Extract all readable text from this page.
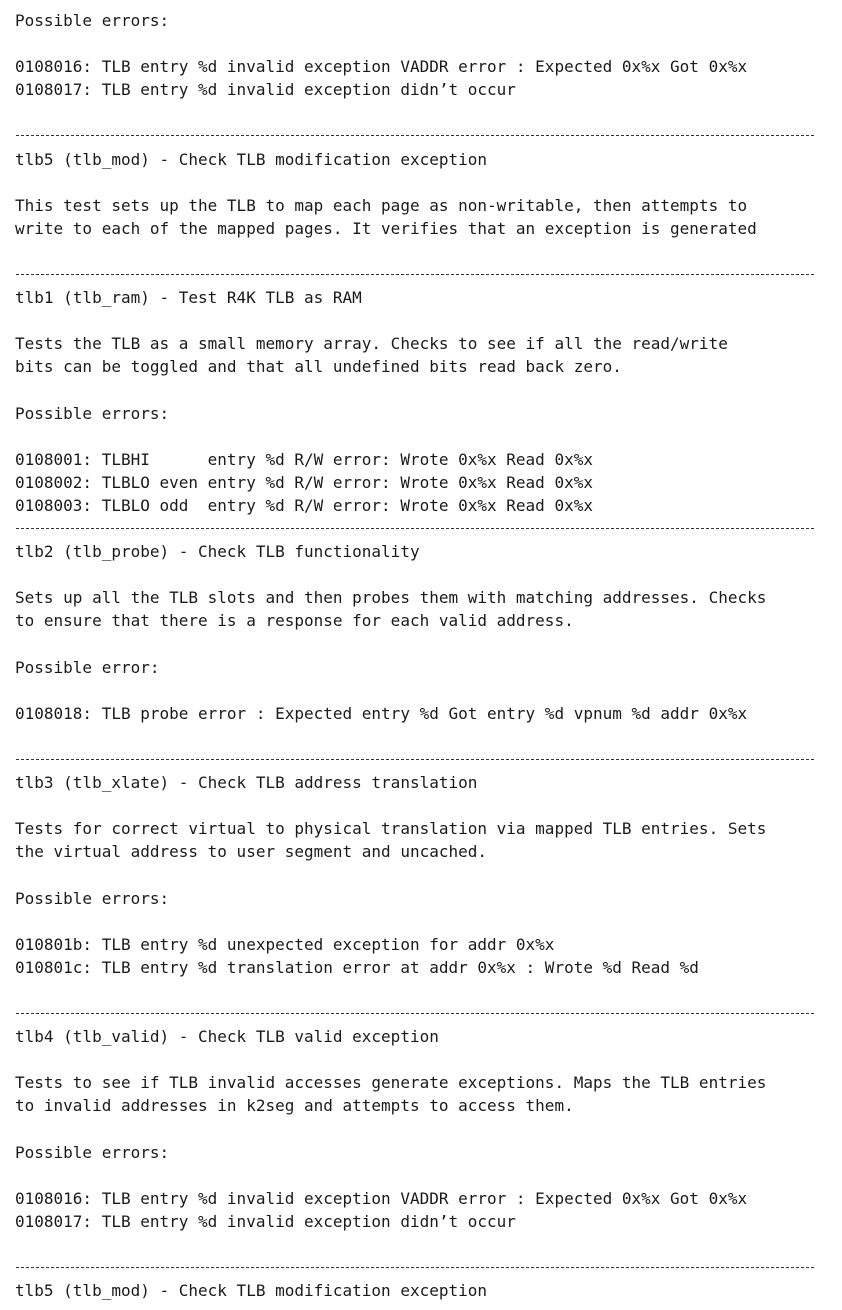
Possible errors:
0108016: TLB entry %d invalid exception VADDR error : Expected 0x%x Got 0x%x
0108017: TLB entry %d invalid exception didn’t occur
tlb5 (tlb_mod) - Check TLB modification exception
This test sets up the TLB to map each page as non-writable, then attempts to
write to each of the mapped pages. It verifies that an exception is generated
tlb1 (tlb_ram) - Test R4K TLB as RAM
Tests the TLB as a small memory array. Checks to see if all the read/write
bits can be toggled and that all undefined bits read back zero.
Possible errors:
0108001: TLBHI      entry %d R/W error: Wrote 0x%x Read 0x%x
0108002: TLBLO even entry %d R/W error: Wrote 0x%x Read 0x%x
0108003: TLBLO odd  entry %d R/W error: Wrote 0x%x Read 0x%x
tlb2 (tlb_probe) - Check TLB functionality
Sets up all the TLB slots and then probes them with matching addresses. Checks
to ensure that there is a response for each valid address.
Possible error:
0108018: TLB probe error : Expected entry %d Got entry %d vpnum %d addr 0x%x
tlb3 (tlb_xlate) - Check TLB address translation
Tests for correct virtual to physical translation via mapped TLB entries. Sets
the virtual address to user segment and uncached.
Possible errors:
010801b: TLB entry %d unexpected exception for addr 0x%x
010801c: TLB entry %d translation error at addr 0x%x : Wrote %d Read %d
tlb4 (tlb_valid) - Check TLB valid exception
Tests to see if TLB invalid accesses generate exceptions. Maps the TLB entries
to invalid addresses in k2seg and attempts to access them.
Possible errors:
0108016: TLB entry %d invalid exception VADDR error : Expected 0x%x Got 0x%x
0108017: TLB entry %d invalid exception didn’t occur
tlb5 (tlb_mod) - Check TLB modification exception
